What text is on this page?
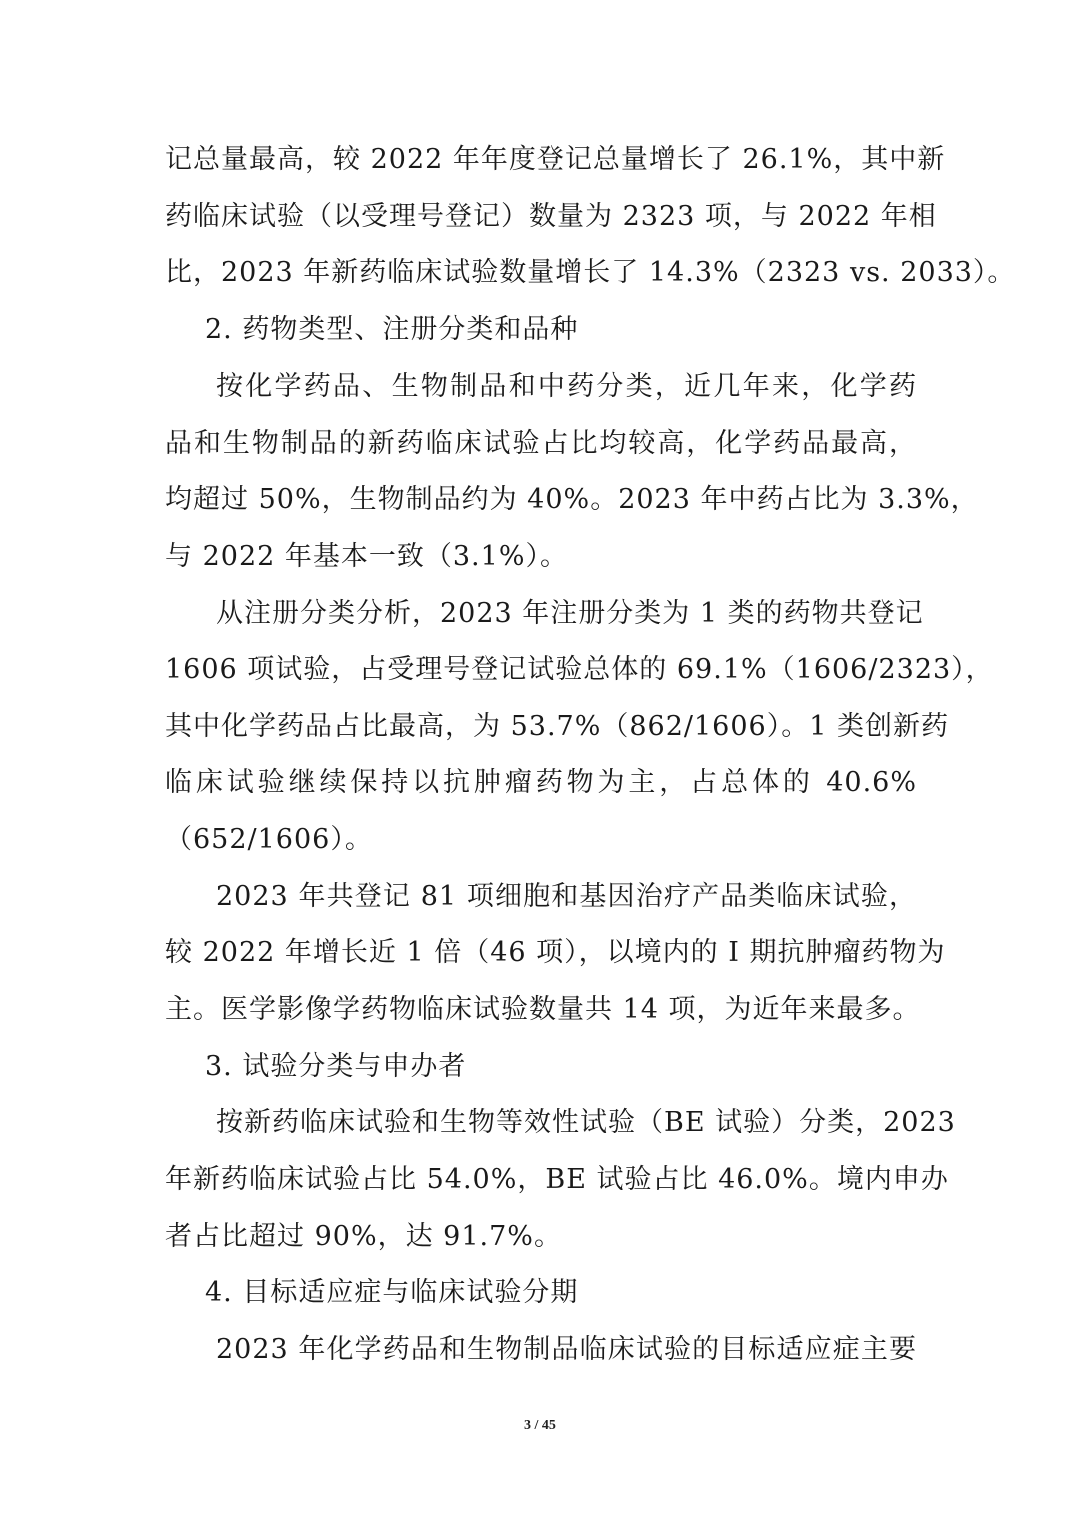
记总量最高，较 2022 年年度登记总量增长了 26.1%，其中新
药临床试验（以受理号登记）数量为 2323 项，与 2022 年相
比，2023 年新药临床试验数量增长了 14.3%（2323 vs. 2033）。
2. 药物类型、注册分类和品种
按化学药品、生物制品和中药分类，近几年来，化学药
品和生物制品的新药临床试验占比均较高，化学药品最高，
均超过 50%，生物制品约为 40%。2023 年中药占比为 3.3%，
与 2022 年基本一致（3.1%）。
从注册分类分析，2023 年注册分类为 1 类的药物共登记
1606 项试验，占受理号登记试验总体的 69.1%（1606/2323），
其中化学药品占比最高，为 53.7%（862/1606）。1 类创新药
临床试验继续保持以抗肿瘤药物为主，占总体的 40.6%
（652/1606）。
2023 年共登记 81 项细胞和基因治疗产品类临床试验，
较 2022 年增长近 1 倍（46 项），以境内的 I 期抗肿瘤药物为
主。医学影像学药物临床试验数量共 14 项，为近年来最多。
3. 试验分类与申办者
按新药临床试验和生物等效性试验（BE 试验）分类，2023
年新药临床试验占比 54.0%，BE 试验占比 46.0%。境内申办
者占比超过 90%，达 91.7%。
4. 目标适应症与临床试验分期
2023 年化学药品和生物制品临床试验的目标适应症主要
3 / 45
